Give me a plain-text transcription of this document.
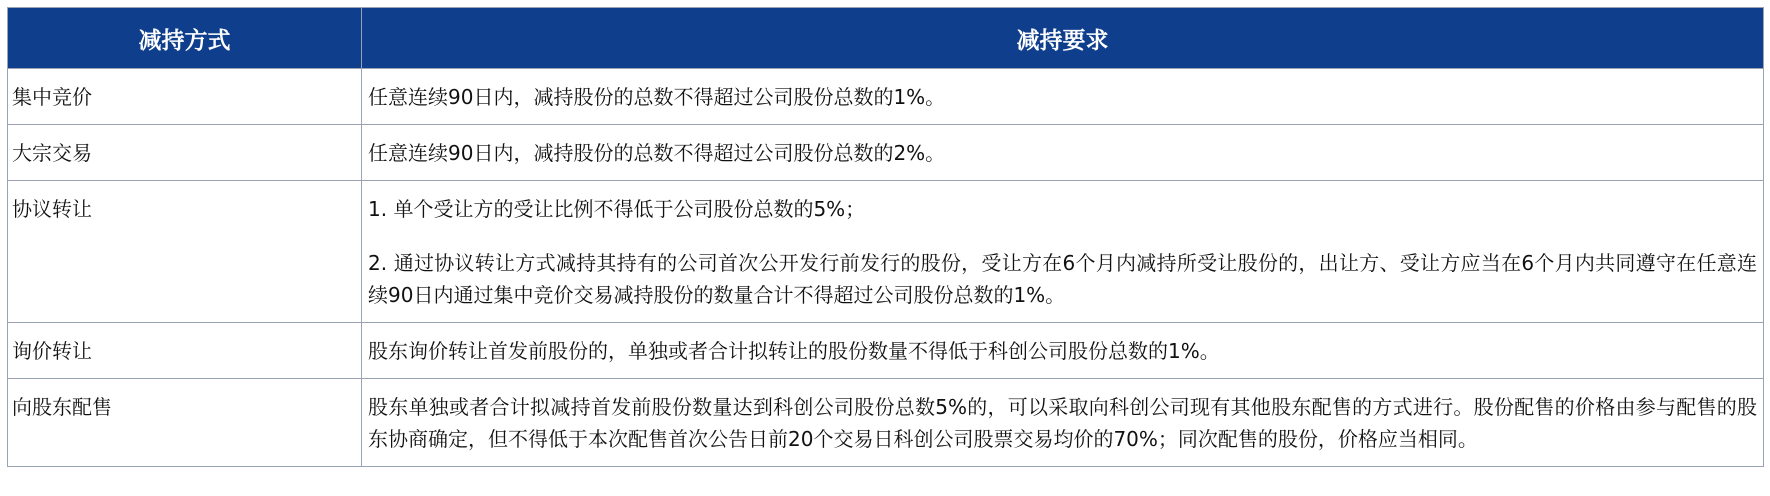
减持方式	减持要求
集中竞价	任意连续90日内，减持股份的总数不得超过公司股份总数的1%。

大宗交易	任意连续90日内，减持股份的总数不得超过公司股份总数的2%。

协议转让	1. 单个受让方的受让比例不得低于公司股份总数的5%；
2. 通过协议转让方式减持其持有的公司首次公开发行前发行的股份，受让方在6个月内减持所受让股份的，出让方、受让方应当在6个月内共同遵守在任意连续90日内通过集中竞价交易减持股份的数量合计不得超过公司股份总数的1%。

询价转让	股东询价转让首发前股份的，单独或者合计拟转让的股份数量不得低于科创公司股份总数的1%。

向股东配售	股东单独或者合计拟减持首发前股份数量达到科创公司股份总数5%的，可以采取向科创公司现有其他股东配售的方式进行。股份配售的价格由参与配售的股东协商确定，但不得低于本次配售首次公告日前20个交易日科创公司股票交易均价的70%；同次配售的股份，价格应当相同。
